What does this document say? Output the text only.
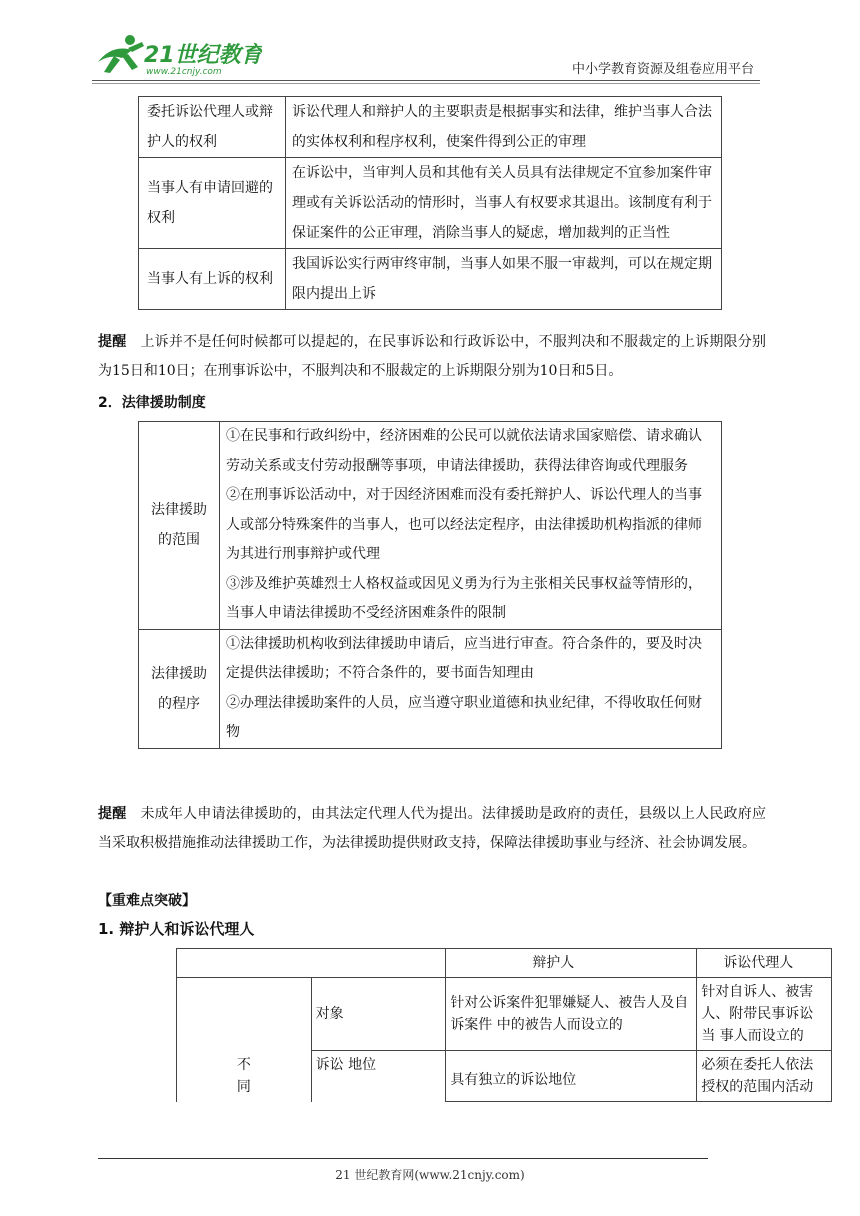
21世纪教育
www.21cnjy.com	中小学教育资源及组卷应用平台
委托诉讼代理人或辩护人的权利	诉讼代理人和辩护人的主要职责是根据事实和法律，维护当事人合法的实体权利和程序权利，使案件得到公正的审理
当事人有申请回避的权利	在诉讼中，当审判人员和其他有关人员具有法律规定不宜参加案件审理或有关诉讼活动的情形时，当事人有权要求其退出。该制度有利于保证案件的公正审理，消除当事人的疑虑，增加裁判的正当性
当事人有上诉的权利	我国诉讼实行两审终审制，当事人如果不服一审裁判，可以在规定期限内提出上诉
提醒 上诉并不是任何时候都可以提起的，在民事诉讼和行政诉讼中，不服判决和不服裁定的上诉期限分别为15日和10日；在刑事诉讼中，不服判决和不服裁定的上诉期限分别为10日和5日。
2．法律援助制度
法律援助的范围	①在民事和行政纠纷中，经济困难的公民可以就依法请求国家赔偿、请求确认劳动关系或支付劳动报酬等事项，申请法律援助，获得法律咨询或代理服务
②在刑事诉讼活动中，对于因经济困难而没有委托辩护人、诉讼代理人的当事人或部分特殊案件的当事人，也可以经法定程序，由法律援助机构指派的律师为其进行刑事辩护或代理
③涉及维护英雄烈士人格权益或因见义勇为行为主张相关民事权益等情形的，当事人申请法律援助不受经济困难条件的限制

法律援助的程序	①法律援助机构收到法律援助申请后，应当进行审查。符合条件的，要及时决定提供法律援助；不符合条件的，要书面告知理由
②办理法律援助案件的人员，应当遵守职业道德和执业纪律，不得收取任何财物
提醒 未成年人申请法律援助的，由其法定代理人代为提出。法律援助是政府的责任，县级以上人民政府应当采取积极措施推动法律援助工作，为法律援助提供财政支持，保障法律援助事业与经济、社会协调发展。
【重难点突破】
1. 辩护人和诉讼代理人
		辩护人	诉讼代理人
不同	对象	针对公诉案件犯罪嫌疑人、被告人及自诉案件 中的被告人而设立的	针对自诉人、被害人、附带民事诉讼当 事人而设立的
	诉讼 地位	具有独立的诉讼地位	必须在委托人依法授权的范围内活动
21 世纪教育网(www.21cnjy.com)
